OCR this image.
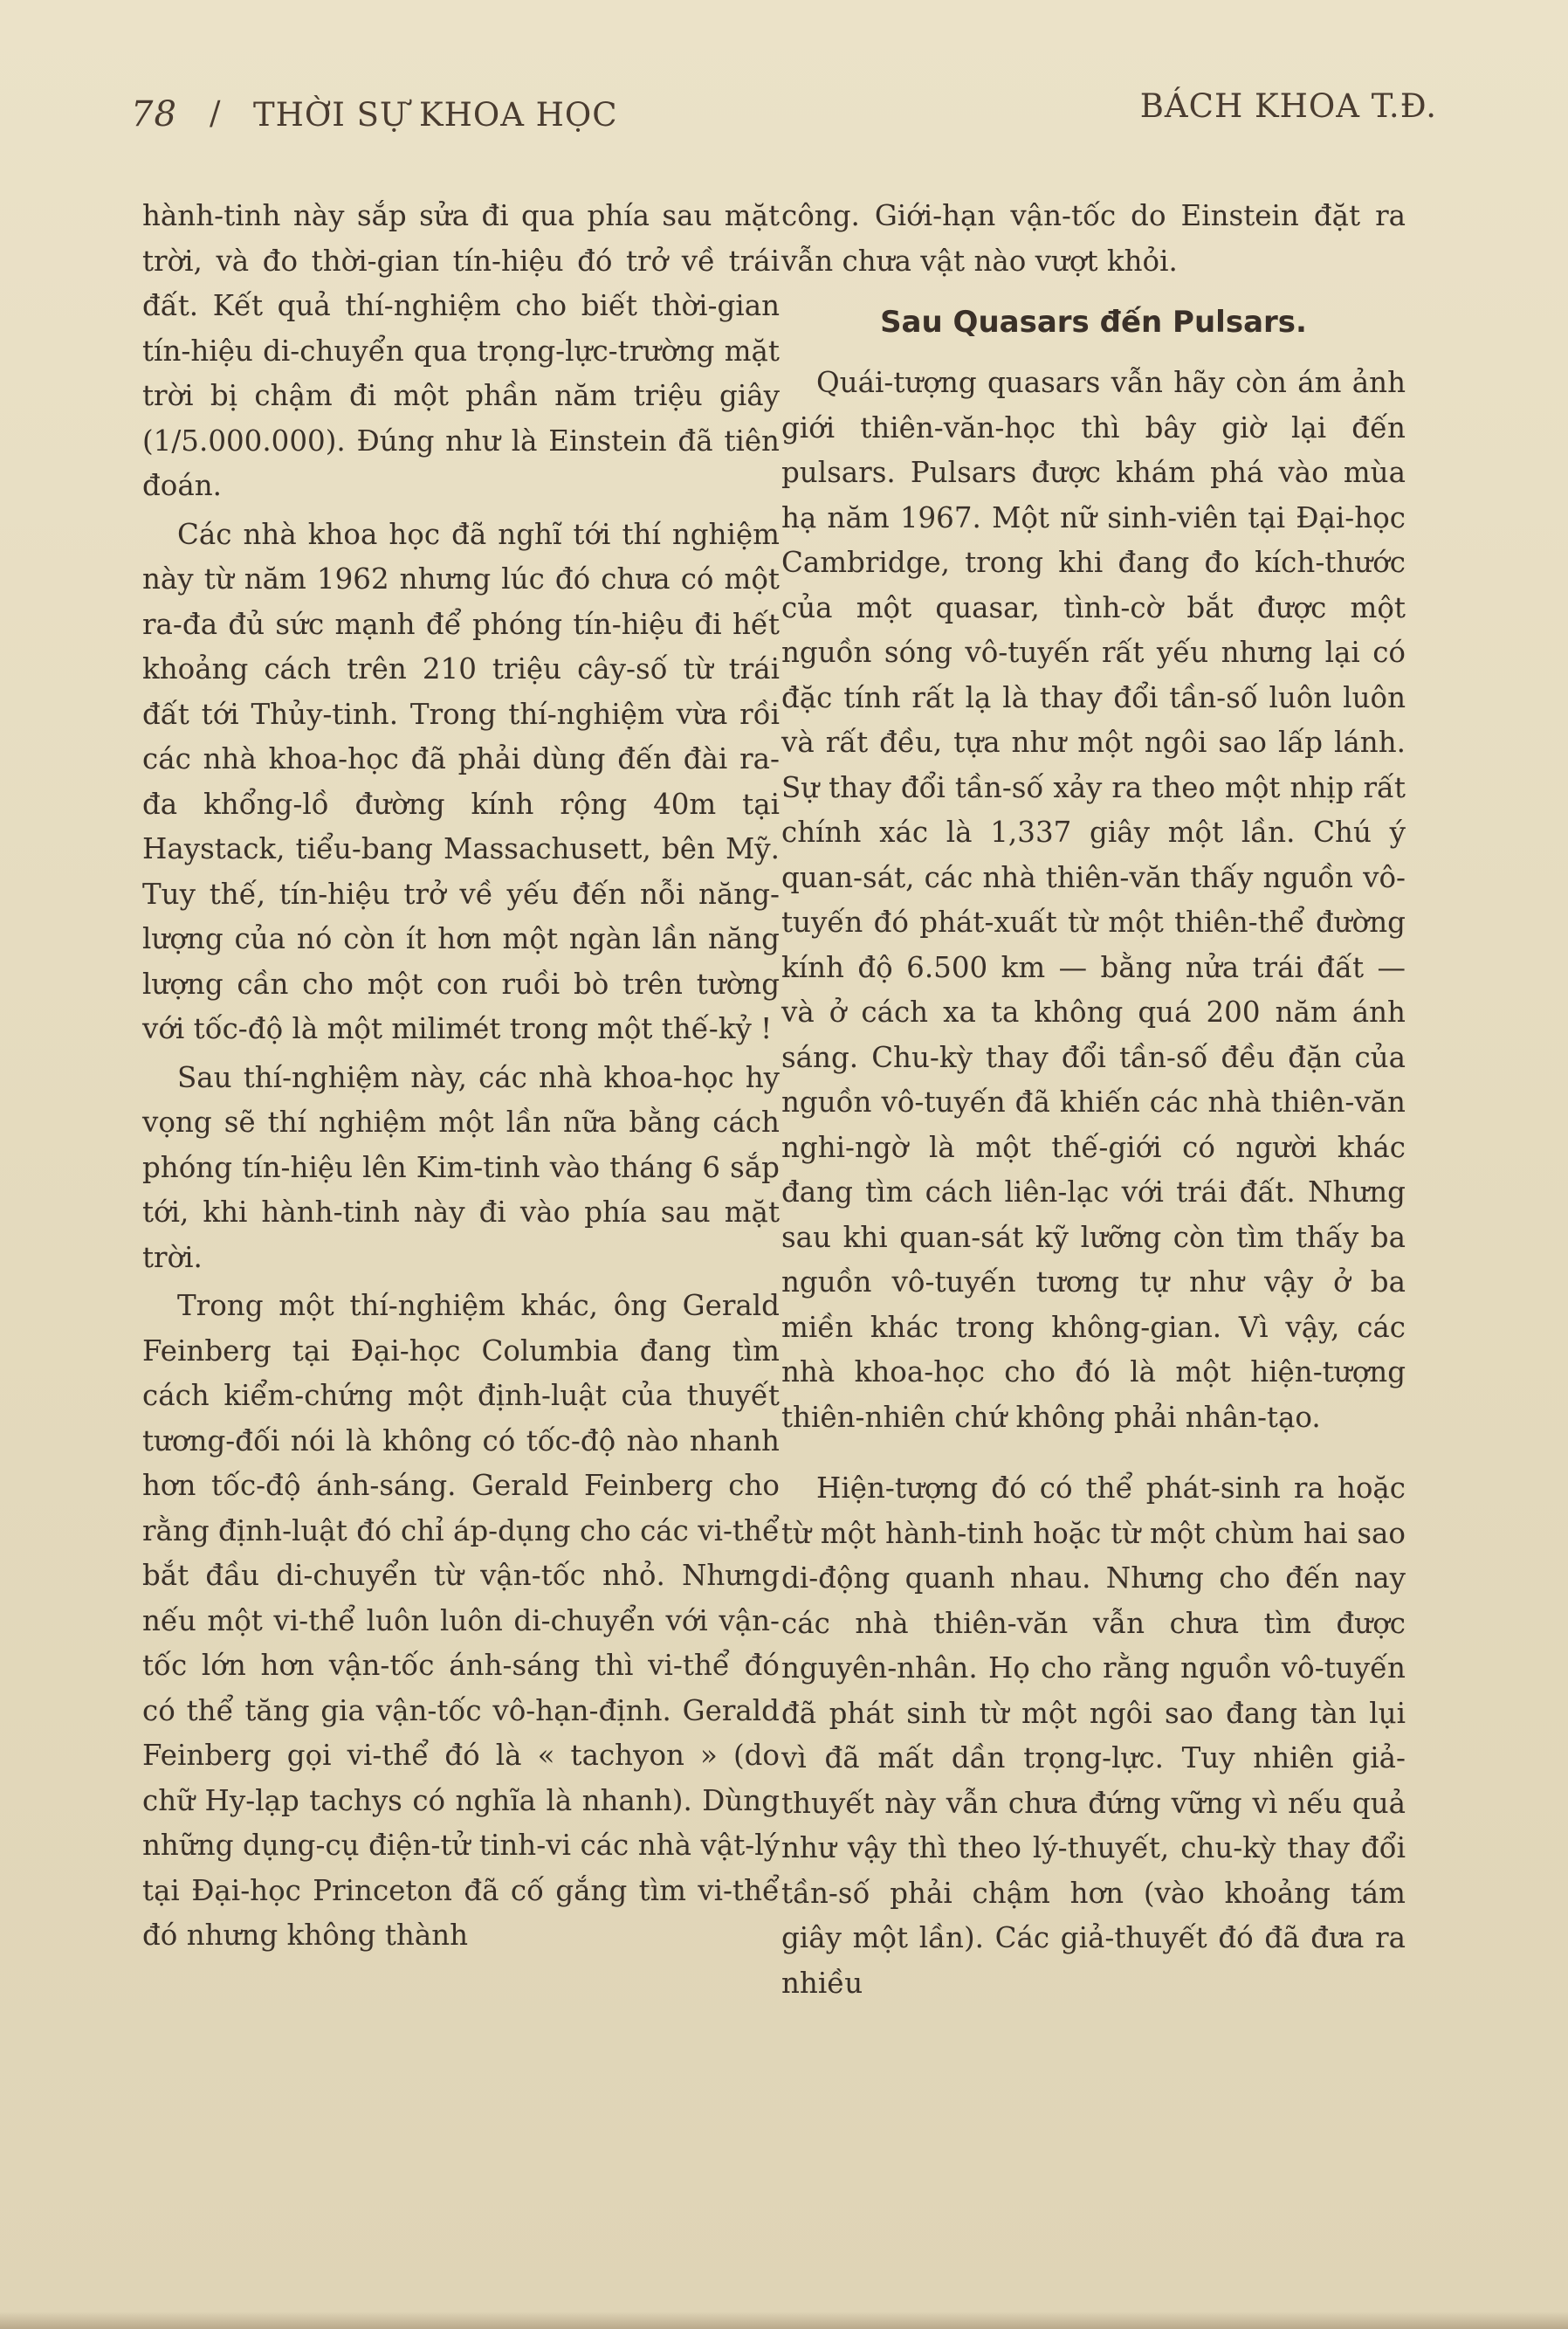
78 / THỜI SỰ KHOA HỌC	BÁCH KHOA T.Đ.

hành-tinh này sắp sửa đi qua phía sau mặt trời, và đo thời-gian tín-hiệu đó trở về trái đất. Kết quả thí-nghiệm cho biết thời-gian tín-hiệu di-chuyển qua trọng-lực-trường mặt trời bị chậm đi một phần năm triệu giây (1/5.000.000). Đúng như là Einstein đã tiên đoán.

Các nhà khoa học đã nghĩ tới thí nghiệm này từ năm 1962 nhưng lúc đó chưa có một ra-đa đủ sức mạnh để phóng tín-hiệu đi hết khoảng cách trên 210 triệu cây-số từ trái đất tới Thủy-tinh. Trong thí-nghiệm vừa rồi các nhà khoa-học đã phải dùng đến đài ra-đa khổng-lồ đường kính rộng 40m tại Haystack, tiểu-bang Massachusett, bên Mỹ. Tuy thế, tín-hiệu trở về yếu đến nỗi năng-lượng của nó còn ít hơn một ngàn lần năng lượng cần cho một con ruồi bò trên tường với tốc-độ là một milimét trong một thế-kỷ !

Sau thí-nghiệm này, các nhà khoa-học hy vọng sẽ thí nghiệm một lần nữa bằng cách phóng tín-hiệu lên Kim-tinh vào tháng 6 sắp tới, khi hành-tinh này đi vào phía sau mặt trời.

Trong một thí-nghiệm khác, ông Gerald Feinberg tại Đại-học Columbia đang tìm cách kiểm-chứng một định-luật của thuyết tương-đối nói là không có tốc-độ nào nhanh hơn tốc-độ ánh-sáng. Gerald Feinberg cho rằng định-luật đó chỉ áp-dụng cho các vi-thể bắt đầu di-chuyển từ vận-tốc nhỏ. Nhưng nếu một vi-thể luôn luôn di-chuyển với vận-tốc lớn hơn vận-tốc ánh-sáng thì vi-thể đó có thể tăng gia vận-tốc vô-hạn-định. Gerald Feinberg gọi vi-thể đó là « tachyon » (do chữ Hy-lạp tachys có nghĩa là nhanh). Dùng những dụng-cụ điện-tử tinh-vi các nhà vật-lý tại Đại-học Princeton đã cố gắng tìm vi-thể đó nhưng không thành

công. Giới-hạn vận-tốc do Einstein đặt ra vẫn chưa vật nào vượt khỏi.

Sau Quasars đến Pulsars.

Quái-tượng quasars vẫn hãy còn ám ảnh giới thiên-văn-học thì bây giờ lại đến pulsars. Pulsars được khám phá vào mùa hạ năm 1967. Một nữ sinh-viên tại Đại-học Cambridge, trong khi đang đo kích-thước của một quasar, tình-cờ bắt được một nguồn sóng vô-tuyến rất yếu nhưng lại có đặc tính rất lạ là thay đổi tần-số luôn luôn và rất đều, tựa như một ngôi sao lấp lánh. Sự thay đổi tần-số xảy ra theo một nhịp rất chính xác là 1,337 giây một lần. Chú ý quan-sát, các nhà thiên-văn thấy nguồn vô-tuyến đó phát-xuất từ một thiên-thể đường kính độ 6.500 km — bằng nửa trái đất — và ở cách xa ta không quá 200 năm ánh sáng. Chu-kỳ thay đổi tần-số đều đặn của nguồn vô-tuyến đã khiến các nhà thiên-văn nghi-ngờ là một thế-giới có người khác đang tìm cách liên-lạc với trái đất. Nhưng sau khi quan-sát kỹ lưỡng còn tìm thấy ba nguồn vô-tuyến tương tự như vậy ở ba miền khác trong không-gian. Vì vậy, các nhà khoa-học cho đó là một hiện-tượng thiên-nhiên chứ không phải nhân-tạo.

Hiện-tượng đó có thể phát-sinh ra hoặc từ một hành-tinh hoặc từ một chùm hai sao di-động quanh nhau. Nhưng cho đến nay các nhà thiên-văn vẫn chưa tìm được nguyên-nhân. Họ cho rằng nguồn vô-tuyến đã phát sinh từ một ngôi sao đang tàn lụi vì đã mất dần trọng-lực. Tuy nhiên giả-thuyết này vẫn chưa đứng vững vì nếu quả như vậy thì theo lý-thuyết, chu-kỳ thay đổi tần-số phải chậm hơn (vào khoảng tám giây một lần). Các giả-thuyết đó đã đưa ra nhiều
